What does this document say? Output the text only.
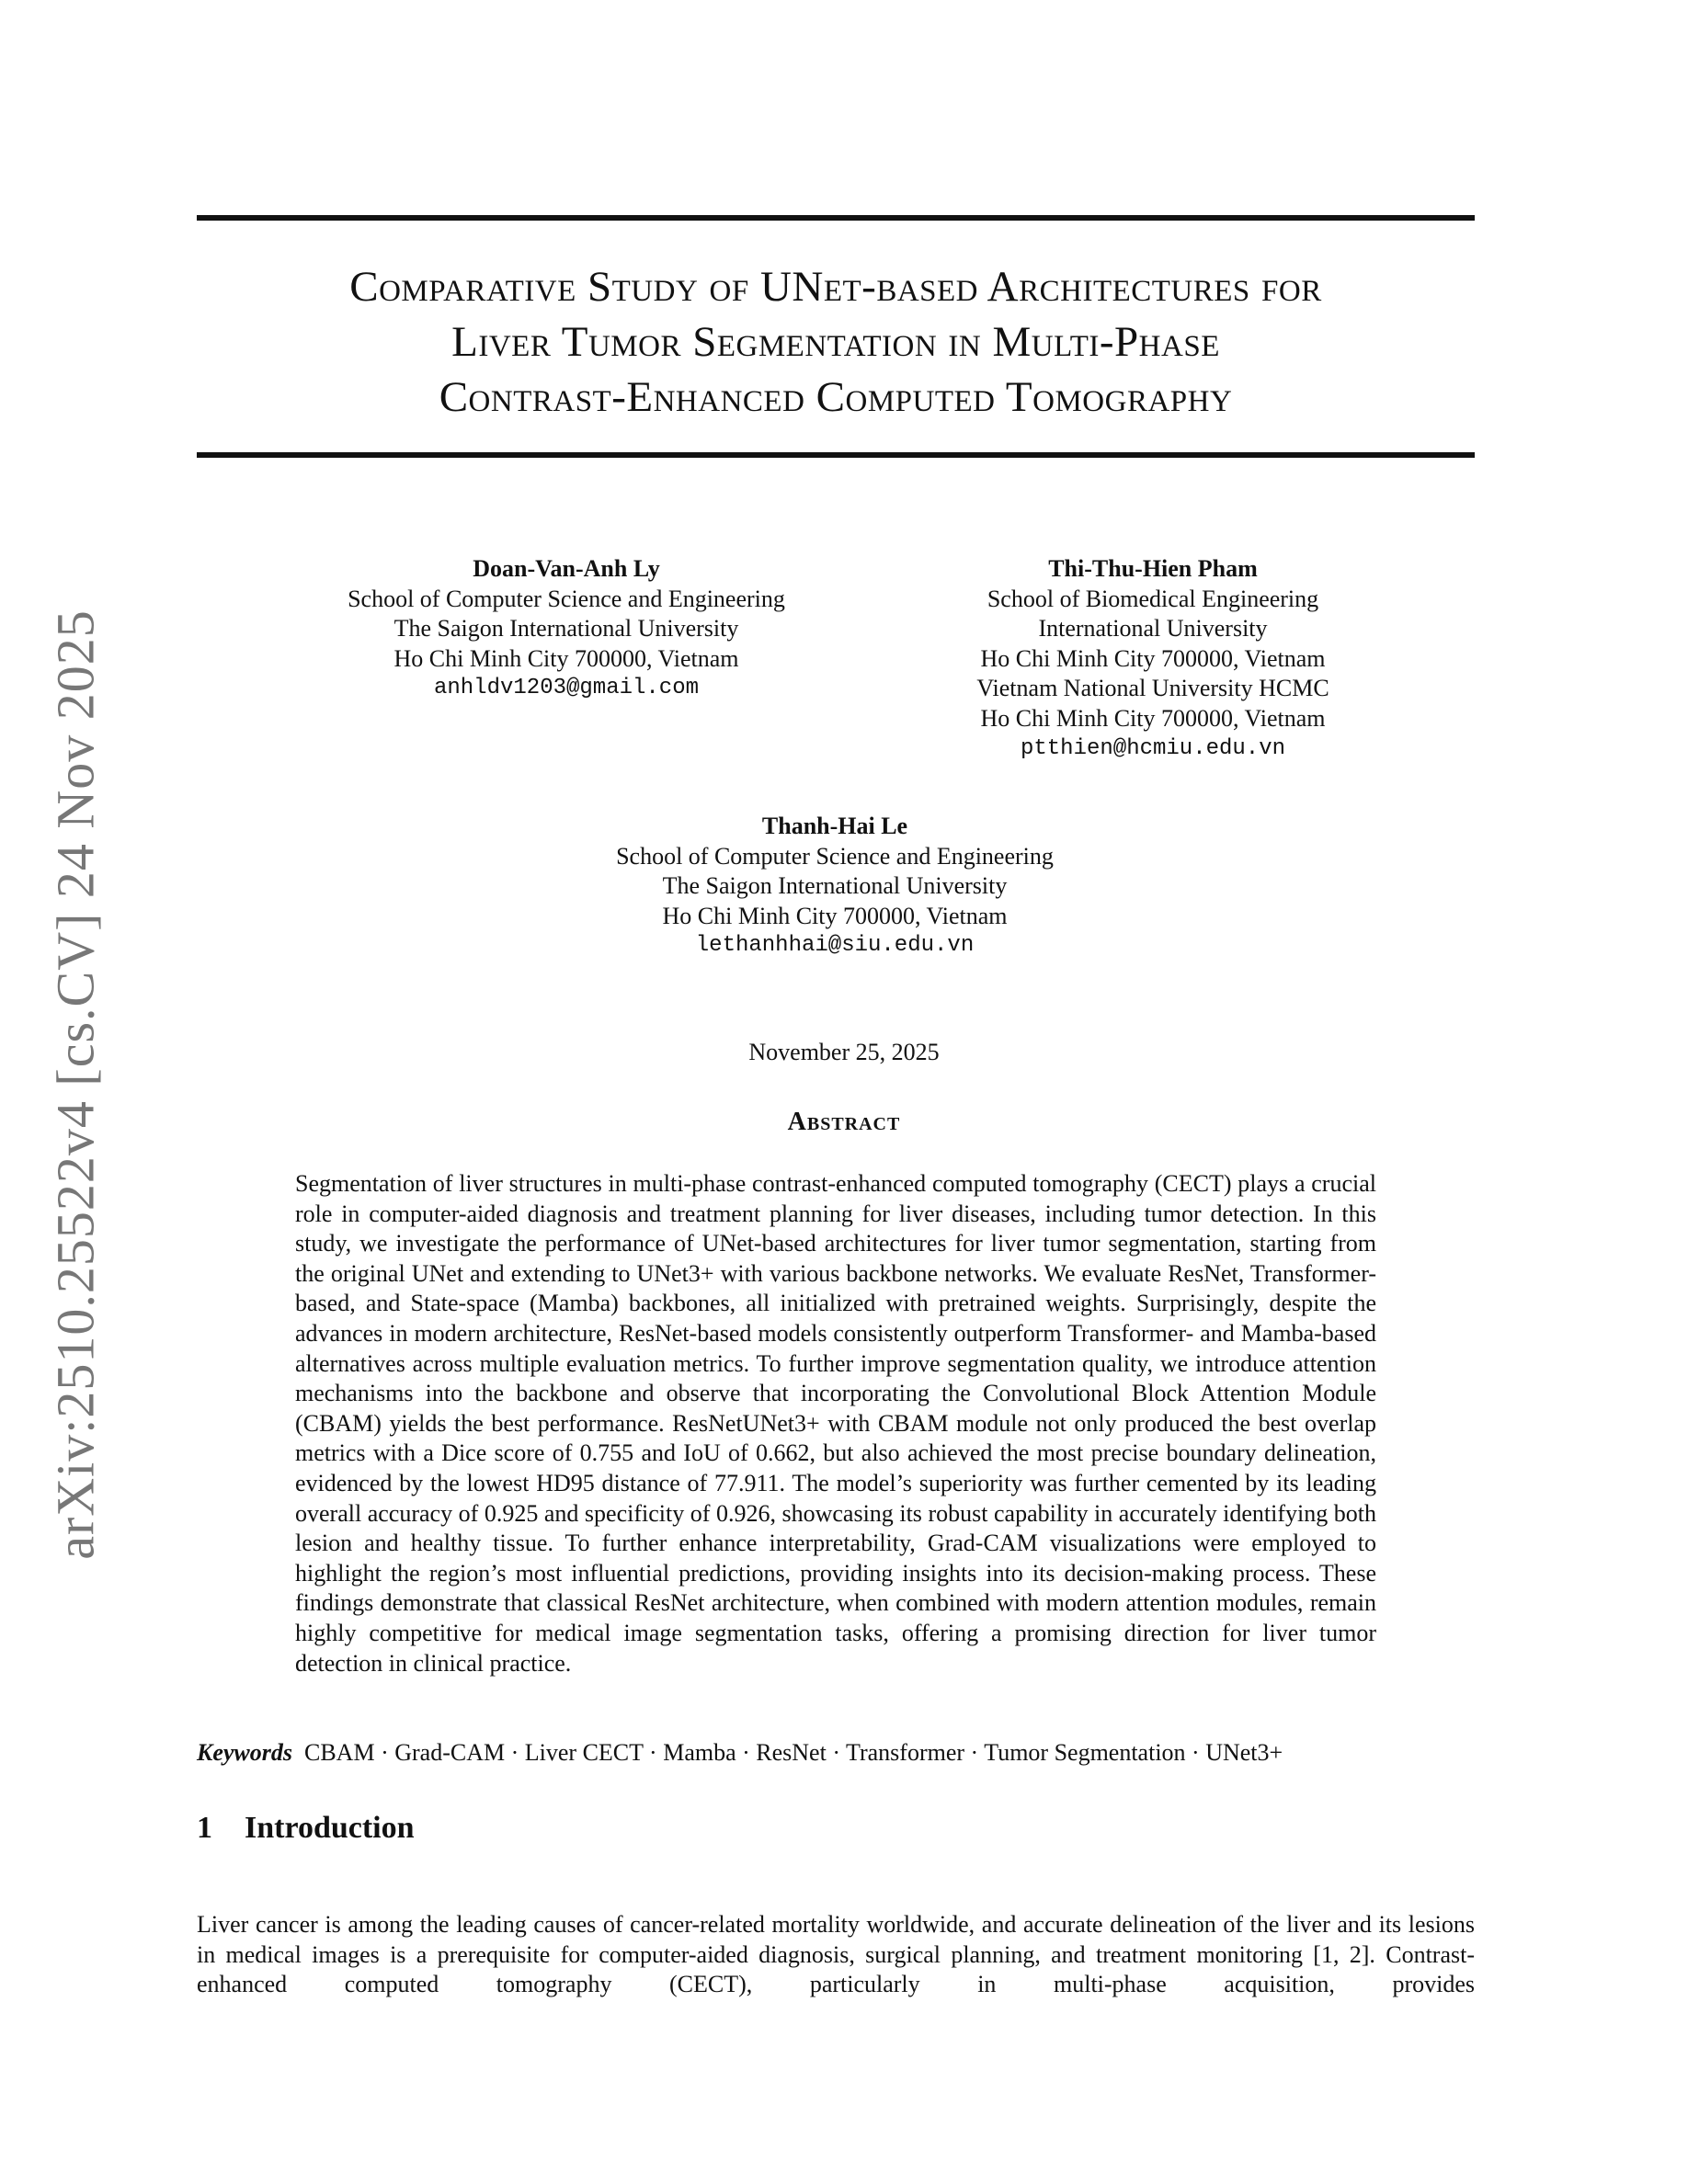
arXiv:2510.25522v4 [cs.CV] 24 Nov 2025
Comparative Study of UNet-based Architectures for
Liver Tumor Segmentation in Multi-Phase
Contrast-Enhanced Computed Tomography
Doan-Van-Anh Ly
School of Computer Science and Engineering
The Saigon International University
Ho Chi Minh City 700000, Vietnam
anhldv1203@gmail.com
Thi-Thu-Hien Pham
School of Biomedical Engineering
International University
Ho Chi Minh City 700000, Vietnam
Vietnam National University HCMC
Ho Chi Minh City 700000, Vietnam
ptthien@hcmiu.edu.vn
Thanh-Hai Le
School of Computer Science and Engineering
The Saigon International University
Ho Chi Minh City 700000, Vietnam
lethanhhai@siu.edu.vn
November 25, 2025
Abstract
Segmentation of liver structures in multi-phase contrast-enhanced computed tomography (CECT) plays a crucial role in computer-aided diagnosis and treatment planning for liver diseases, including tumor detection. In this study, we investigate the performance of UNet-based architectures for liver tumor segmentation, starting from the original UNet and extending to UNet3+ with various backbone networks. We evaluate ResNet, Transformer-based, and State-space (Mamba) backbones, all initialized with pretrained weights. Surprisingly, despite the advances in modern architecture, ResNet-based models consistently outperform Transformer- and Mamba-based alternatives across multiple evaluation metrics. To further improve segmentation quality, we introduce attention mechanisms into the backbone and observe that incorporating the Convolutional Block Attention Module (CBAM) yields the best performance. ResNetUNet3+ with CBAM module not only produced the best overlap metrics with a Dice score of 0.755 and IoU of 0.662, but also achieved the most precise boundary delineation, evidenced by the lowest HD95 distance of 77.911. The model’s superiority was further cemented by its leading overall accuracy of 0.925 and specificity of 0.926, showcasing its robust capability in accurately identifying both lesion and healthy tissue. To further enhance interpretability, Grad-CAM visualizations were employed to highlight the region’s most influential predictions, providing insights into its decision-making process. These findings demonstrate that classical ResNet architecture, when combined with modern attention modules, remain highly competitive for medical image segmentation tasks, offering a promising direction for liver tumor detection in clinical practice.
Keywords CBAM · Grad-CAM · Liver CECT · Mamba · ResNet · Transformer · Tumor Segmentation · UNet3+
1 Introduction
Liver cancer is among the leading causes of cancer-related mortality worldwide, and accurate delineation of the liver and its lesions in medical images is a prerequisite for computer-aided diagnosis, surgical planning, and treatment monitoring [1, 2]. Contrast-enhanced computed tomography (CECT), particularly in multi-phase acquisition, provides
